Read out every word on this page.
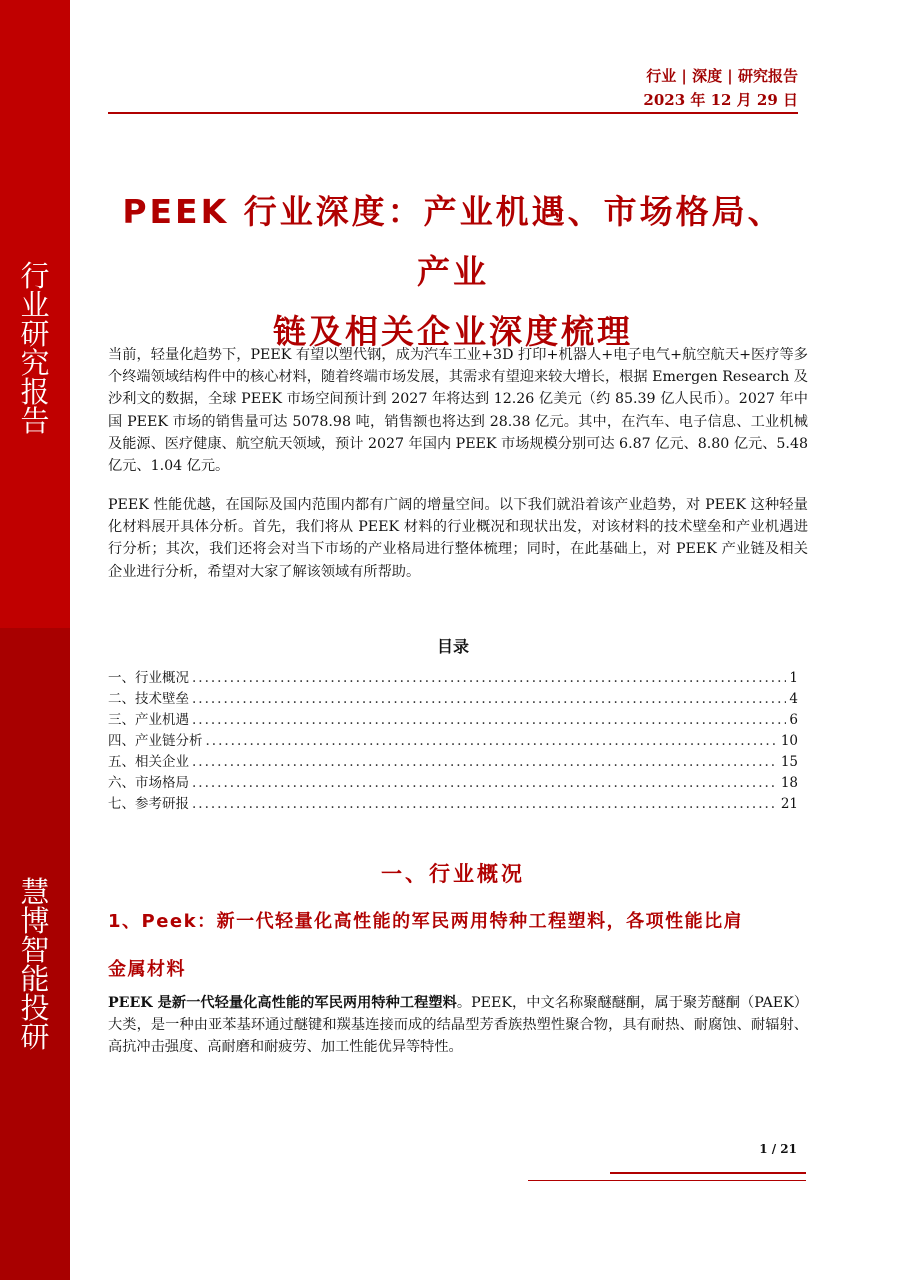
行
业
研
究
报
告
慧
博
智
能
投
研
行业 | 深度 | 研究报告
2023 年 12 月 29 日
PEEK 行业深度：产业机遇、市场格局、产业
链及相关企业深度梳理
当前，轻量化趋势下，PEEK 有望以塑代钢，成为汽车工业+3D 打印+机器人+电子电气+航空航天+医疗等多个终端领域结构件中的核心材料，随着终端市场发展，其需求有望迎来较大增长，根据 Emergen Research 及沙利文的数据，全球 PEEK 市场空间预计到 2027 年将达到 12.26 亿美元（约 85.39 亿人民币）。2027 年中国 PEEK 市场的销售量可达 5078.98 吨，销售额也将达到 28.38 亿元。其中，在汽车、电子信息、工业机械及能源、医疗健康、航空航天领域，预计 2027 年国内 PEEK 市场规模分别可达 6.87 亿元、8.80 亿元、5.48 亿元、1.04 亿元。
PEEK 性能优越，在国际及国内范围内都有广阔的增量空间。以下我们就沿着该产业趋势，对 PEEK 这种轻量化材料展开具体分析。首先，我们将从 PEEK 材料的行业概况和现状出发，对该材料的技术壁垒和产业机遇进行分析；其次，我们还将会对当下市场的产业格局进行整体梳理；同时，在此基础上，对 PEEK 产业链及相关企业进行分析，希望对大家了解该领域有所帮助。
目录
一、行业概况 .....	1
二、技术壁垒 .....	4
三、产业机遇 .....	6
四、产业链分析 .....	10
五、相关企业 .....	15
六、市场格局 .....	18
七、参考研报 .....	21
一、行业概况
1、Peek：新一代轻量化高性能的军民两用特种工程塑料，各项性能比肩
金属材料
PEEK 是新一代轻量化高性能的军民两用特种工程塑料。PEEK，中文名称聚醚醚酮，属于聚芳醚酮（PAEK）大类，是一种由亚苯基环通过醚键和羰基连接而成的结晶型芳香族热塑性聚合物，具有耐热、耐腐蚀、耐辐射、高抗冲击强度、高耐磨和耐疲劳、加工性能优异等特性。
1 / 21
